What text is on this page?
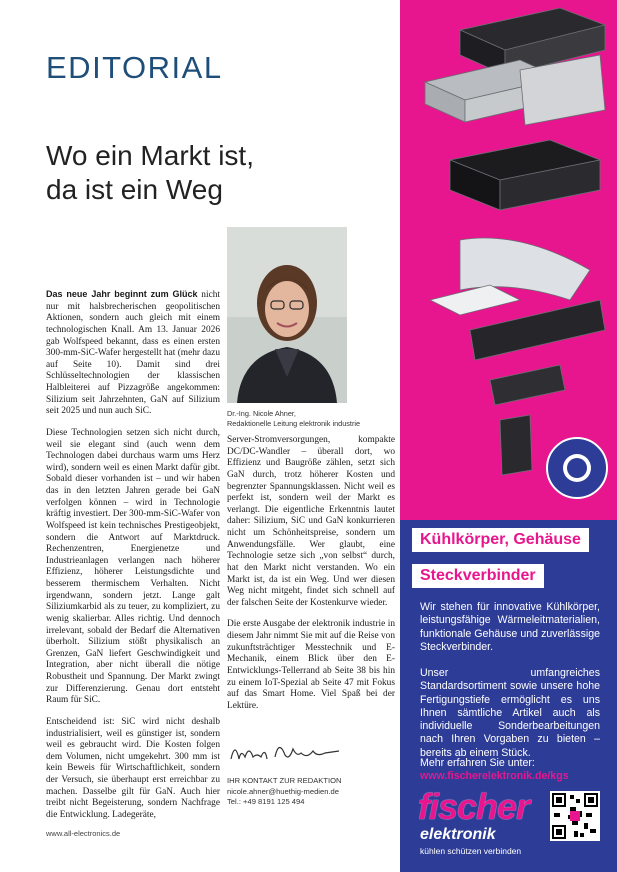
EDITORIAL
Wo ein Markt ist,
da ist ein Weg

Das neue Jahr beginnt zum Glück nicht nur mit halsbrecherischen geopolitischen Aktionen, sondern auch gleich mit einem technologischen Knall. Am 13. Januar 2026 gab Wolfspeed bekannt, dass es einen ersten 300-mm-SiC-Wafer hergestellt hat (mehr dazu auf Seite 10). Damit sind drei Schlüsseltechnologien der klassischen Halbleiterei auf Pizzagröße angekommen: Silizium seit Jahrzehnten, GaN auf Silizium seit 2025 und nun auch SiC.

Diese Technologien setzen sich nicht durch, weil sie elegant sind (auch wenn dem Technologen dabei durchaus warm ums Herz wird), sondern weil es einen Markt dafür gibt. Sobald dieser vorhanden ist – und wir haben das in den letzten Jahren gerade bei GaN verfolgen können – wird in Technologie kräftig investiert. Der 300-mm-SiC-Wafer von Wolfspeed ist kein technisches Prestigeobjekt, sondern die Antwort auf Marktdruck. Rechenzentren, Energienetze und Industrieanlagen verlangen nach höherer Effizienz, höherer Leistungsdichte und besserem thermischem Verhalten. Nicht irgendwann, sondern jetzt. Lange galt Siliziumkarbid als zu teuer, zu kompliziert, zu wenig skalierbar. Alles richtig. Und dennoch irrelevant, sobald der Bedarf die Alternativen überholt. Silizium stößt physikalisch an Grenzen, GaN liefert Geschwindigkeit und Integration, aber nicht überall die nötige Robustheit und Spannung. Der Markt zwingt zur Differenzierung. Genau dort entsteht Raum für SiC.

Entscheidend ist: SiC wird nicht deshalb industrialisiert, weil es günstiger ist, sondern weil es gebraucht wird. Die Kosten folgen dem Volumen, nicht umgekehrt. 300 mm ist kein Beweis für Wirtschaftlichkeit, sondern der Versuch, sie überhaupt erst erreichbar zu machen. Dasselbe gilt für GaN. Auch hier treibt nicht Begeisterung, sondern Nachfrage die Entwicklung. Ladegeräte,

Dr.-Ing. Nicole Ahner,
Redaktionelle Leitung elektronik industrie

Server-Stromversorgungen, kompakte DC/DC-Wandler – überall dort, wo Effizienz und Baugröße zählen, setzt sich GaN durch, trotz höherer Kosten und begrenzter Spannungsklassen. Nicht weil es perfekt ist, sondern weil der Markt es verlangt. Die eigentliche Erkenntnis lautet daher: Silizium, SiC und GaN konkurrieren nicht um Schönheitspreise, sondern um Anwendungsfälle. Wer glaubt, eine Technologie setze sich „von selbst“ durch, hat den Markt nicht verstanden. Wo ein Markt ist, da ist ein Weg. Und wer diesen Weg nicht mitgeht, findet sich schnell auf der falschen Seite der Kostenkurve wieder.

Die erste Ausgabe der elektronik industrie in diesem Jahr nimmt Sie mit auf die Reise von zukunftsträchtiger Messtechnik und E-Mechanik, einem Blick über den E-Entwicklungs-Tellerrand ab Seite 38 bis hin zu einem IoT-Spezial ab Seite 47 mit Fokus auf das Smart Home. Viel Spaß bei der Lektüre.

IHR KONTAKT ZUR REDAKTION
nicole.ahner@huethig-medien.de
Tel.: +49 8191 125 494
www.all-electronics.de
Kühlkörper, Gehäuse
Steckverbinder
Wir stehen für innovative Kühlkörper, leistungsfähige Wärmeleitmaterialien, funktionale Gehäuse und zuverlässige Steckverbinder.
Unser umfangreiches Standardsortiment sowie unsere hohe Fertigungstiefe ermöglicht es uns Ihnen sämtliche Artikel auch als individuelle Sonderbearbeitungen nach Ihren Vorgaben zu bieten – bereits ab einem Stück.
Mehr erfahren Sie unter:
www.fischerelektronik.de/kgs
fischer
elektronik
kühlen schützen verbinden
